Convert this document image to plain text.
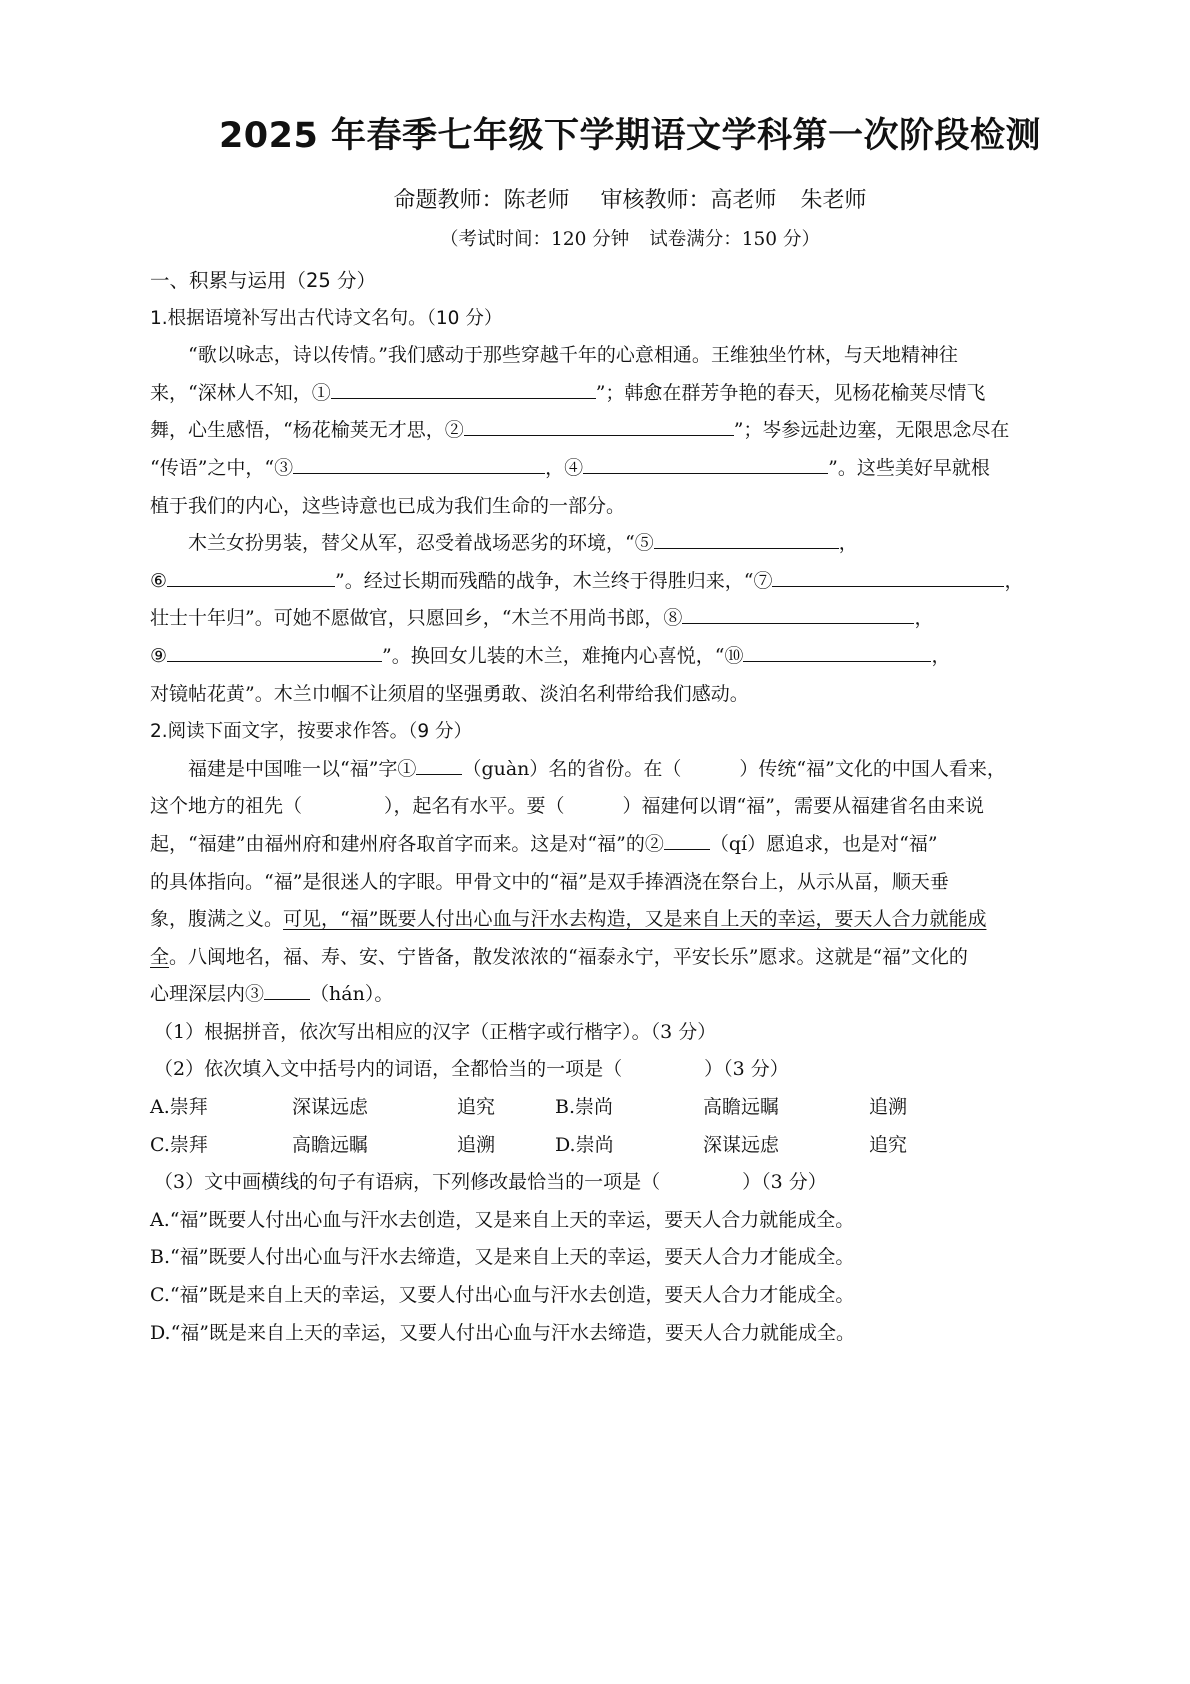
2025 年春季七年级下学期语文学科第一次阶段检测
命题教师：陈老师 审核教师：高老师 朱老师
（考试时间：120 分钟 试卷满分：150 分）
一、积累与运用（25 分）
1.根据语境补写出古代诗文名句。（10 分）
“歌以咏志，诗以传情。”我们感动于那些穿越千年的心意相通。王维独坐竹林，与天地精神往
来，“深林人不知，①	”；韩愈在群芳争艳的春天，见杨花榆荚尽情飞
舞，心生感悟，“杨花榆荚无才思，②	”；岑参远赴边塞，无限思念尽在
“传语”之中，“③	，④	”。这些美好早就根
植于我们的内心，这些诗意也已成为我们生命的一部分。
木兰女扮男装，替父从军，忍受着战场恶劣的环境，“⑤	，
⑥	”。经过长期而残酷的战争，木兰终于得胜归来，“⑦	，
壮士十年归”。可她不愿做官，只愿回乡，“木兰不用尚书郎，⑧	，
⑨	”。换回女儿装的木兰，难掩内心喜悦，“⑩	，
对镜帖花黄”。木兰巾帼不让须眉的坚强勇敢、淡泊名利带给我们感动。
2.阅读下面文字，按要求作答。（9 分）
福建是中国唯一以“福”字① （guàn）名的省份。在（	）传统“福”文化的中国人看来，
这个地方的祖先（	），起名有水平。要（	）福建何以谓“福”，需要从福建省名由来说
起，“福建”由福州府和建州府各取首字而来。这是对“福”的② （qí）愿追求，也是对“福”
的具体指向。“福”是很迷人的字眼。甲骨文中的“福”是双手捧酒浇在祭台上，从示从畐，顺天垂
象，腹满之义。可见，“福”既要人付出心血与汗水去构造，又是来自上天的幸运，要天人合力就能成
全。八闽地名，福、寿、安、宁皆备，散发浓浓的“福泰永宁，平安长乐”愿求。这就是“福”文化的
心理深层内③ （hán）。
（1）根据拼音，依次写出相应的汉字（正楷字或行楷字）。（3 分）
（2）依次填入文中括号内的词语，全都恰当的一项是（	）（3 分）
A.崇拜	深谋远虑	追究	B.崇尚	高瞻远瞩	追溯
C.崇拜	高瞻远瞩	追溯	D.崇尚	深谋远虑	追究
（3）文中画横线的句子有语病，下列修改最恰当的一项是（	）（3 分）
A.“福”既要人付出心血与汗水去创造，又是来自上天的幸运，要天人合力就能成全。
B.“福”既要人付出心血与汗水去缔造，又是来自上天的幸运，要天人合力才能成全。
C.“福”既是来自上天的幸运，又要人付出心血与汗水去创造，要天人合力才能成全。
D.“福”既是来自上天的幸运，又要人付出心血与汗水去缔造，要天人合力就能成全。
